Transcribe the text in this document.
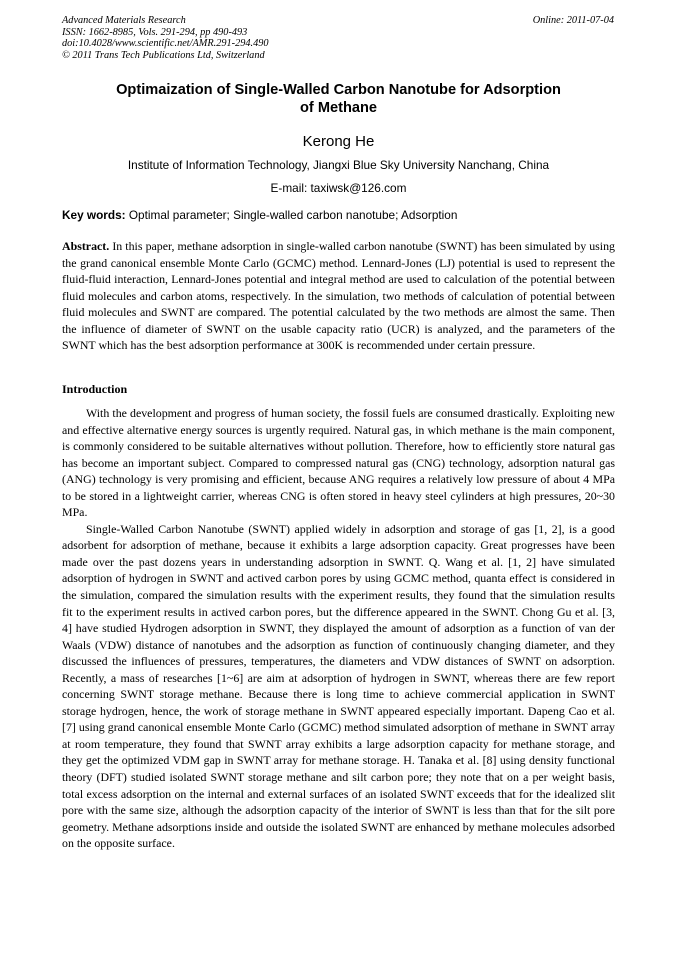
Advanced Materials Research
ISSN: 1662-8985, Vols. 291-294, pp 490-493
doi:10.4028/www.scientific.net/AMR.291-294.490
© 2011 Trans Tech Publications Ltd, Switzerland
Online: 2011-07-04
Optimaization of Single-Walled Carbon Nanotube for Adsorption
of Methane
Kerong He
Institute of Information Technology, Jiangxi Blue Sky University Nanchang, China
E-mail: taxiwsk@126.com
Key words: Optimal parameter; Single-walled carbon nanotube; Adsorption
Abstract. In this paper, methane adsorption in single-walled carbon nanotube (SWNT) has been simulated by using the grand canonical ensemble Monte Carlo (GCMC) method. Lennard-Jones (LJ) potential is used to represent the fluid-fluid interaction, Lennard-Jones potential and integral method are used to calculation of the potential between fluid molecules and carbon atoms, respectively. In the simulation, two methods of calculation of potential between fluid molecules and SWNT are compared. The potential calculated by the two methods are almost the same. Then the influence of diameter of SWNT on the usable capacity ratio (UCR) is analyzed, and the parameters of the SWNT which has the best adsorption performance at 300K is recommended under certain pressure.
Introduction

With the development and progress of human society, the fossil fuels are consumed drastically. Exploiting new and effective alternative energy sources is urgently required. Natural gas, in which methane is the main component, is commonly considered to be suitable alternatives without pollution. Therefore, how to efficiently store natural gas has become an important subject. Compared to compressed natural gas (CNG) technology, adsorption natural gas (ANG) technology is very promising and efficient, because ANG requires a relatively low pressure of about 4 MPa to be stored in a lightweight carrier, whereas CNG is often stored in heavy steel cylinders at high pressures, 20~30 MPa.

Single-Walled Carbon Nanotube (SWNT) applied widely in adsorption and storage of gas [1, 2], is a good adsorbent for adsorption of methane, because it exhibits a large adsorption capacity. Great progresses have been made over the past dozens years in understanding adsorption in SWNT. Q. Wang et al. [1, 2] have simulated adsorption of hydrogen in SWNT and actived carbon pores by using GCMC method, quanta effect is considered in the simulation, compared the simulation results with the experiment results, they found that the simulation results fit to the experiment results in actived carbon pores, but the difference appeared in the SWNT. Chong Gu et al. [3, 4] have studied Hydrogen adsorption in SWNT, they displayed the amount of adsorption as a function of van der Waals (VDW) distance of nanotubes and the adsorption as function of continuously changing diameter, and they discussed the influences of pressures, temperatures, the diameters and VDW distances of SWNT on adsorption. Recently, a mass of researches [1~6] are aim at adsorption of hydrogen in SWNT, whereas there are few report concerning SWNT storage methane. Because there is long time to achieve commercial application in SWNT storage hydrogen, hence, the work of storage methane in SWNT appeared especially important. Dapeng Cao et al. [7] using grand canonical ensemble Monte Carlo (GCMC) method simulated adsorption of methane in SWNT array at room temperature, they found that SWNT array exhibits a large adsorption capacity for methane storage, and they get the optimized VDM gap in SWNT array for methane storage. H. Tanaka et al. [8] using density functional theory (DFT) studied isolated SWNT storage methane and silt carbon pore; they note that on a per weight basis, total excess adsorption on the internal and external surfaces of an isolated SWNT exceeds that for the idealized slit pore with the same size, although the adsorption capacity of the interior of SWNT is less than that for the silt pore geometry. Methane adsorptions inside and outside the isolated SWNT are enhanced by methane molecules adsorbed on the opposite surface.
